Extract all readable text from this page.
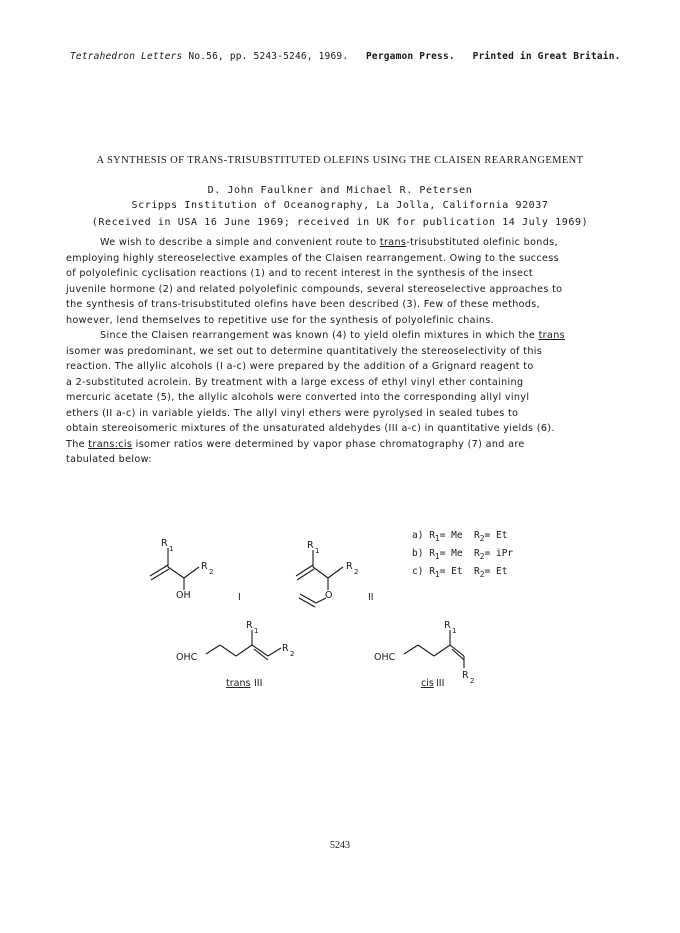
Tetrahedron Letters No.56, pp. 5243-5246, 1969. Pergamon Press. Printed in Great Britain.
A SYNTHESIS OF TRANS-TRISUBSTITUTED OLEFINS USING THE CLAISEN REARRANGEMENT
D. John Faulkner and Michael R. Petersen
Scripps Institution of Oceanography, La Jolla, California 92037
(Received in USA 16 June 1969; received in UK for publication 14 July 1969)
We wish to describe a simple and convenient route to trans-trisubstituted olefinic bonds,
employing highly stereoselective examples of the Claisen rearrangement. Owing to the success
of polyolefinic cyclisation reactions (1) and to recent interest in the synthesis of the insect
juvenile hormone (2) and related polyolefinic compounds, several stereoselective approaches to
the synthesis of trans-trisubstituted olefins have been described (3). Few of these methods,
however, lend themselves to repetitive use for the synthesis of polyolefinic chains.
Since the Claisen rearrangement was known (4) to yield olefin mixtures in which the trans
isomer was predominant, we set out to determine quantitatively the stereoselectivity of this
reaction. The allylic alcohols (I a-c) were prepared by the addition of a Grignard reagent to
a 2-substituted acrolein. By treatment with a large excess of ethyl vinyl ether containing
mercuric acetate (5), the allylic alcohols were converted into the corresponding allyl vinyl
ethers (II a-c) in variable yields. The allyl vinyl ethers were pyrolysed in sealed tubes to
obtain stereoisomeric mixtures of the unsaturated aldehydes (III a-c) in quantitative yields (6).
The trans:cis isomer ratios were determined by vapor phase chromatography (7) and are
tabulated below:
a) $R_1= Me$ $R_2= Et$
b) $R_1= Me$ $R_2=$ iPr
c) $R_1= Et$ $R_2= Et$
R 1
R 2
OH	I
R 1
R 2
O	II
R 1
R 2
OHC
trans III
R 1
R 2
OHC
cis III
5243
